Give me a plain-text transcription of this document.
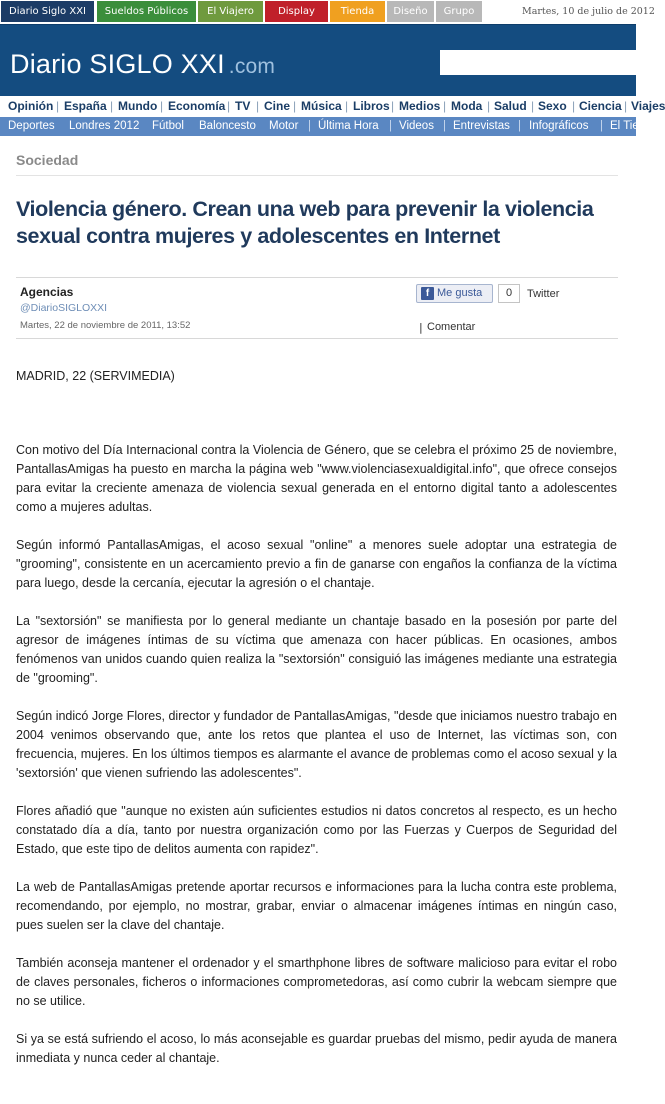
Diario Siglo XXI	Sueldos Públicos	El Viajero	Display	Tienda	Diseño	Grupo	Martes, 10 de julio de 2012
Diario SIGLO XXI .com
Opinión | España | Mundo | Economía | TV | Cine | Música | Libros | Medios | Moda | Salud | Sexo | Ciencia | Viajes
Deportes Londres 2012 Fútbol Baloncesto Motor | Última Hora | Videos | Entrevistas | Infográficos | El Tiempo
Sociedad
Violencia género. Crean una web para prevenir la violencia sexual contra mujeres y adolescentes en Internet
Agencias
@DiarioSIGLOXXI
Martes, 22 de noviembre de 2011, 13:52
f Me gusta	0	Twitter
| Comentar
MADRID, 22 (SERVIMEDIA)

Con motivo del Día Internacional contra la Violencia de Género, que se celebra el próximo 25 de noviembre, PantallasAmigas ha puesto en marcha la página web "www.violenciasexualdigital.info", que ofrece consejos para evitar la creciente amenaza de violencia sexual generada en el entorno digital tanto a adolescentes como a mujeres adultas.

Según informó PantallasAmigas, el acoso sexual "online" a menores suele adoptar una estrategia de "grooming", consistente en un acercamiento previo a fin de ganarse con engaños la confianza de la víctima para luego, desde la cercanía, ejecutar la agresión o el chantaje.

La "sextorsión" se manifiesta por lo general mediante un chantaje basado en la posesión por parte del agresor de imágenes íntimas de su víctima que amenaza con hacer públicas. En ocasiones, ambos fenómenos van unidos cuando quien realiza la "sextorsión" consiguió las imágenes mediante una estrategia de "grooming".

Según indicó Jorge Flores, director y fundador de PantallasAmigas, "desde que iniciamos nuestro trabajo en 2004 venimos observando que, ante los retos que plantea el uso de Internet, las víctimas son, con frecuencia, mujeres. En los últimos tiempos es alarmante el avance de problemas como el acoso sexual y la 'sextorsión' que vienen sufriendo las adolescentes".

Flores añadió que "aunque no existen aún suficientes estudios ni datos concretos al respecto, es un hecho constatado día a día, tanto por nuestra organización como por las Fuerzas y Cuerpos de Seguridad del Estado, que este tipo de delitos aumenta con rapidez".

La web de PantallasAmigas pretende aportar recursos e informaciones para la lucha contra este problema, recomendando, por ejemplo, no mostrar, grabar, enviar o almacenar imágenes íntimas en ningún caso, pues suelen ser la clave del chantaje.

También aconseja mantener el ordenador y el smarthphone libres de software malicioso para evitar el robo de claves personales, ficheros o informaciones comprometedoras, así como cubrir la webcam siempre que no se utilice.

Si ya se está sufriendo el acoso, lo más aconsejable es guardar pruebas del mismo, pedir ayuda de manera inmediata y nunca ceder al chantaje.
